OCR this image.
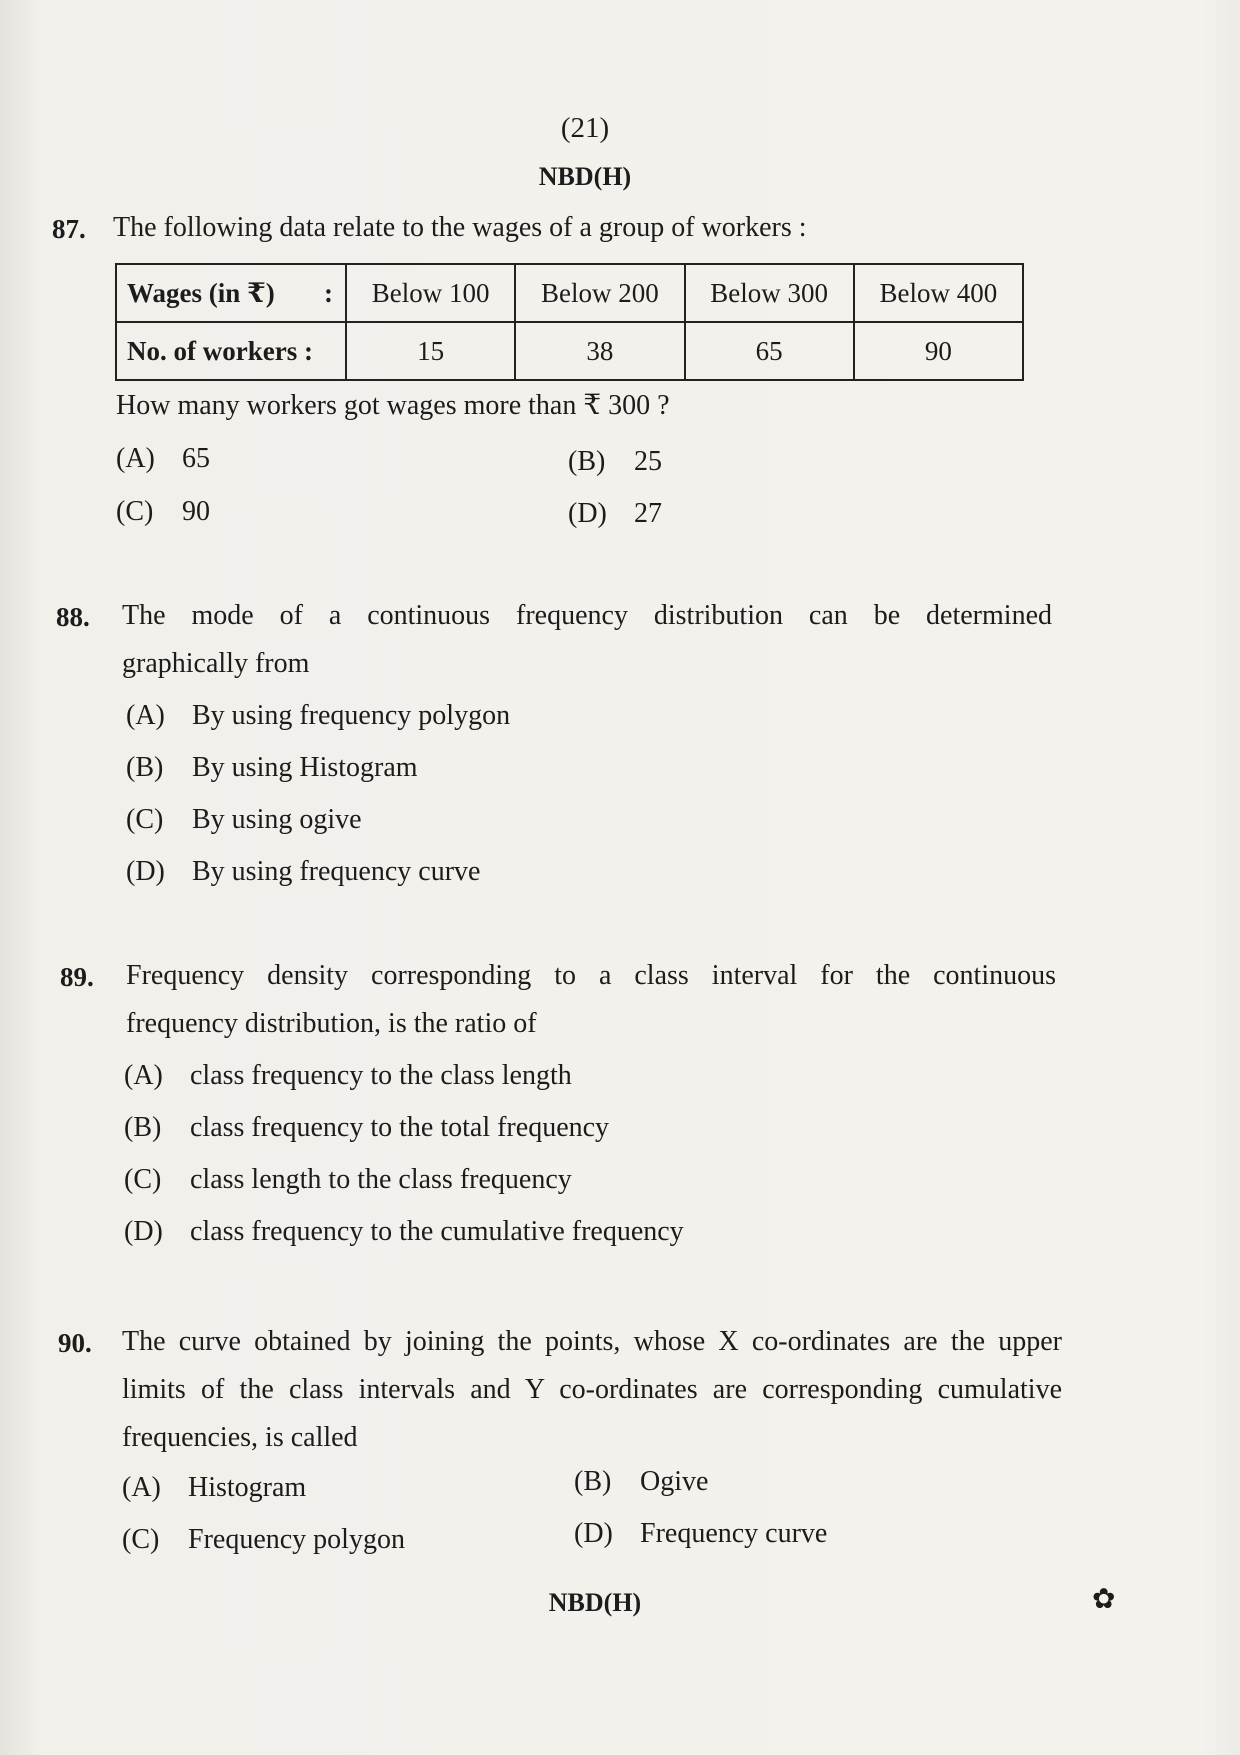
(21)
NBD(H)
87. The following data relate to the wages of a group of workers :
Wages (in ₹) :	Below 100	Below 200	Below 300	Below 400
No. of workers :	15	38	65	90
How many workers got wages more than ₹ 300 ?
(A) 65	(B) 25
(C) 90	(D) 27
88. The mode of a continuous frequency distribution can be determined
graphically from
(A) By using frequency polygon
(B) By using Histogram
(C) By using ogive
(D) By using frequency curve
89. Frequency density corresponding to a class interval for the continuous
frequency distribution, is the ratio of
(A) class frequency to the class length
(B) class frequency to the total frequency
(C) class length to the class frequency
(D) class frequency to the cumulative frequency
90. The curve obtained by joining the points, whose X co-ordinates are the upper
limits of the class intervals and Y co-ordinates are corresponding cumulative
frequencies, is called
(A) Histogram	(B) Ogive
(C) Frequency polygon	(D) Frequency curve
NBD(H)	✿
